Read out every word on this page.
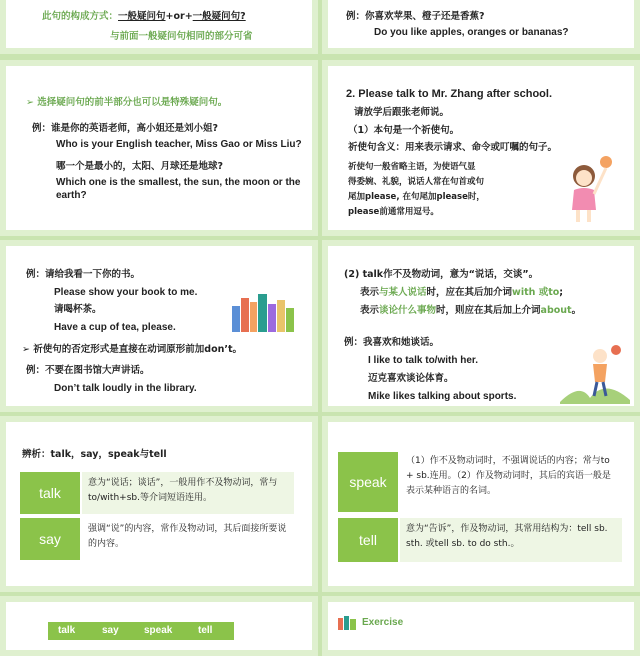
此句的构成方式：一般疑问句+or+一般疑问句?
与前面一般疑问句相同的部分可省
例：你喜欢苹果、橙子还是香蕉?
Do you like apples, oranges or bananas?
➢ 选择疑问句的前半部分也可以是特殊疑问句。
例：谁是你的英语老师，高小姐还是刘小姐?
Who is your English teacher, Miss Gao or Miss Liu?
哪一个是最小的，太阳、月球还是地球?
Which one is the smallest, the sun, the moon or the earth?
2. Please talk to Mr. Zhang after school.
请放学后跟张老师说。
（1）本句是一个祈使句。
祈使句含义：用来表示请求、命令或叮嘱的句子。
祈使句一般省略主语，为使语气显
得委婉、礼貌，说话人常在句首或句
尾加please, 在句尾加please时，
please前通常用逗号。
例：请给我看一下你的书。
Please show your book to me.
请喝杯茶。
Have a cup of tea, please.
➢ 祈使句的否定形式是直接在动词原形前加don’t。
例：不要在图书馆大声讲话。
Don’t talk loudly in the library.
(2) talk作不及物动词，意为“说话，交谈”。
表示与某人说话时，应在其后加介词with 或to;
表示谈论什么事物时，则应在其后加上介词about。
例：我喜欢和她谈话。
I like to talk to/with her.
迈克喜欢谈论体育。
Mike likes talking about sports.
辨析：talk，say，speak与tell
talk
意为“说话；谈话”，一般用作不及物动词，常与to/with+sb.等介词短语连用。
say
强调“说”的内容，常作及物动词，其后面接所要说的内容。
speak
（1）作不及物动词时，不强调说话的内容；常与to + sb.连用。（2）作及物动词时，其后的宾语一般是表示某种语言的名词。
tell
意为“告诉”，作及物动词，其常用结构为：tell sb. sth. 或tell sb. to do sth.。
talk	say	speak	tell
Exercise
